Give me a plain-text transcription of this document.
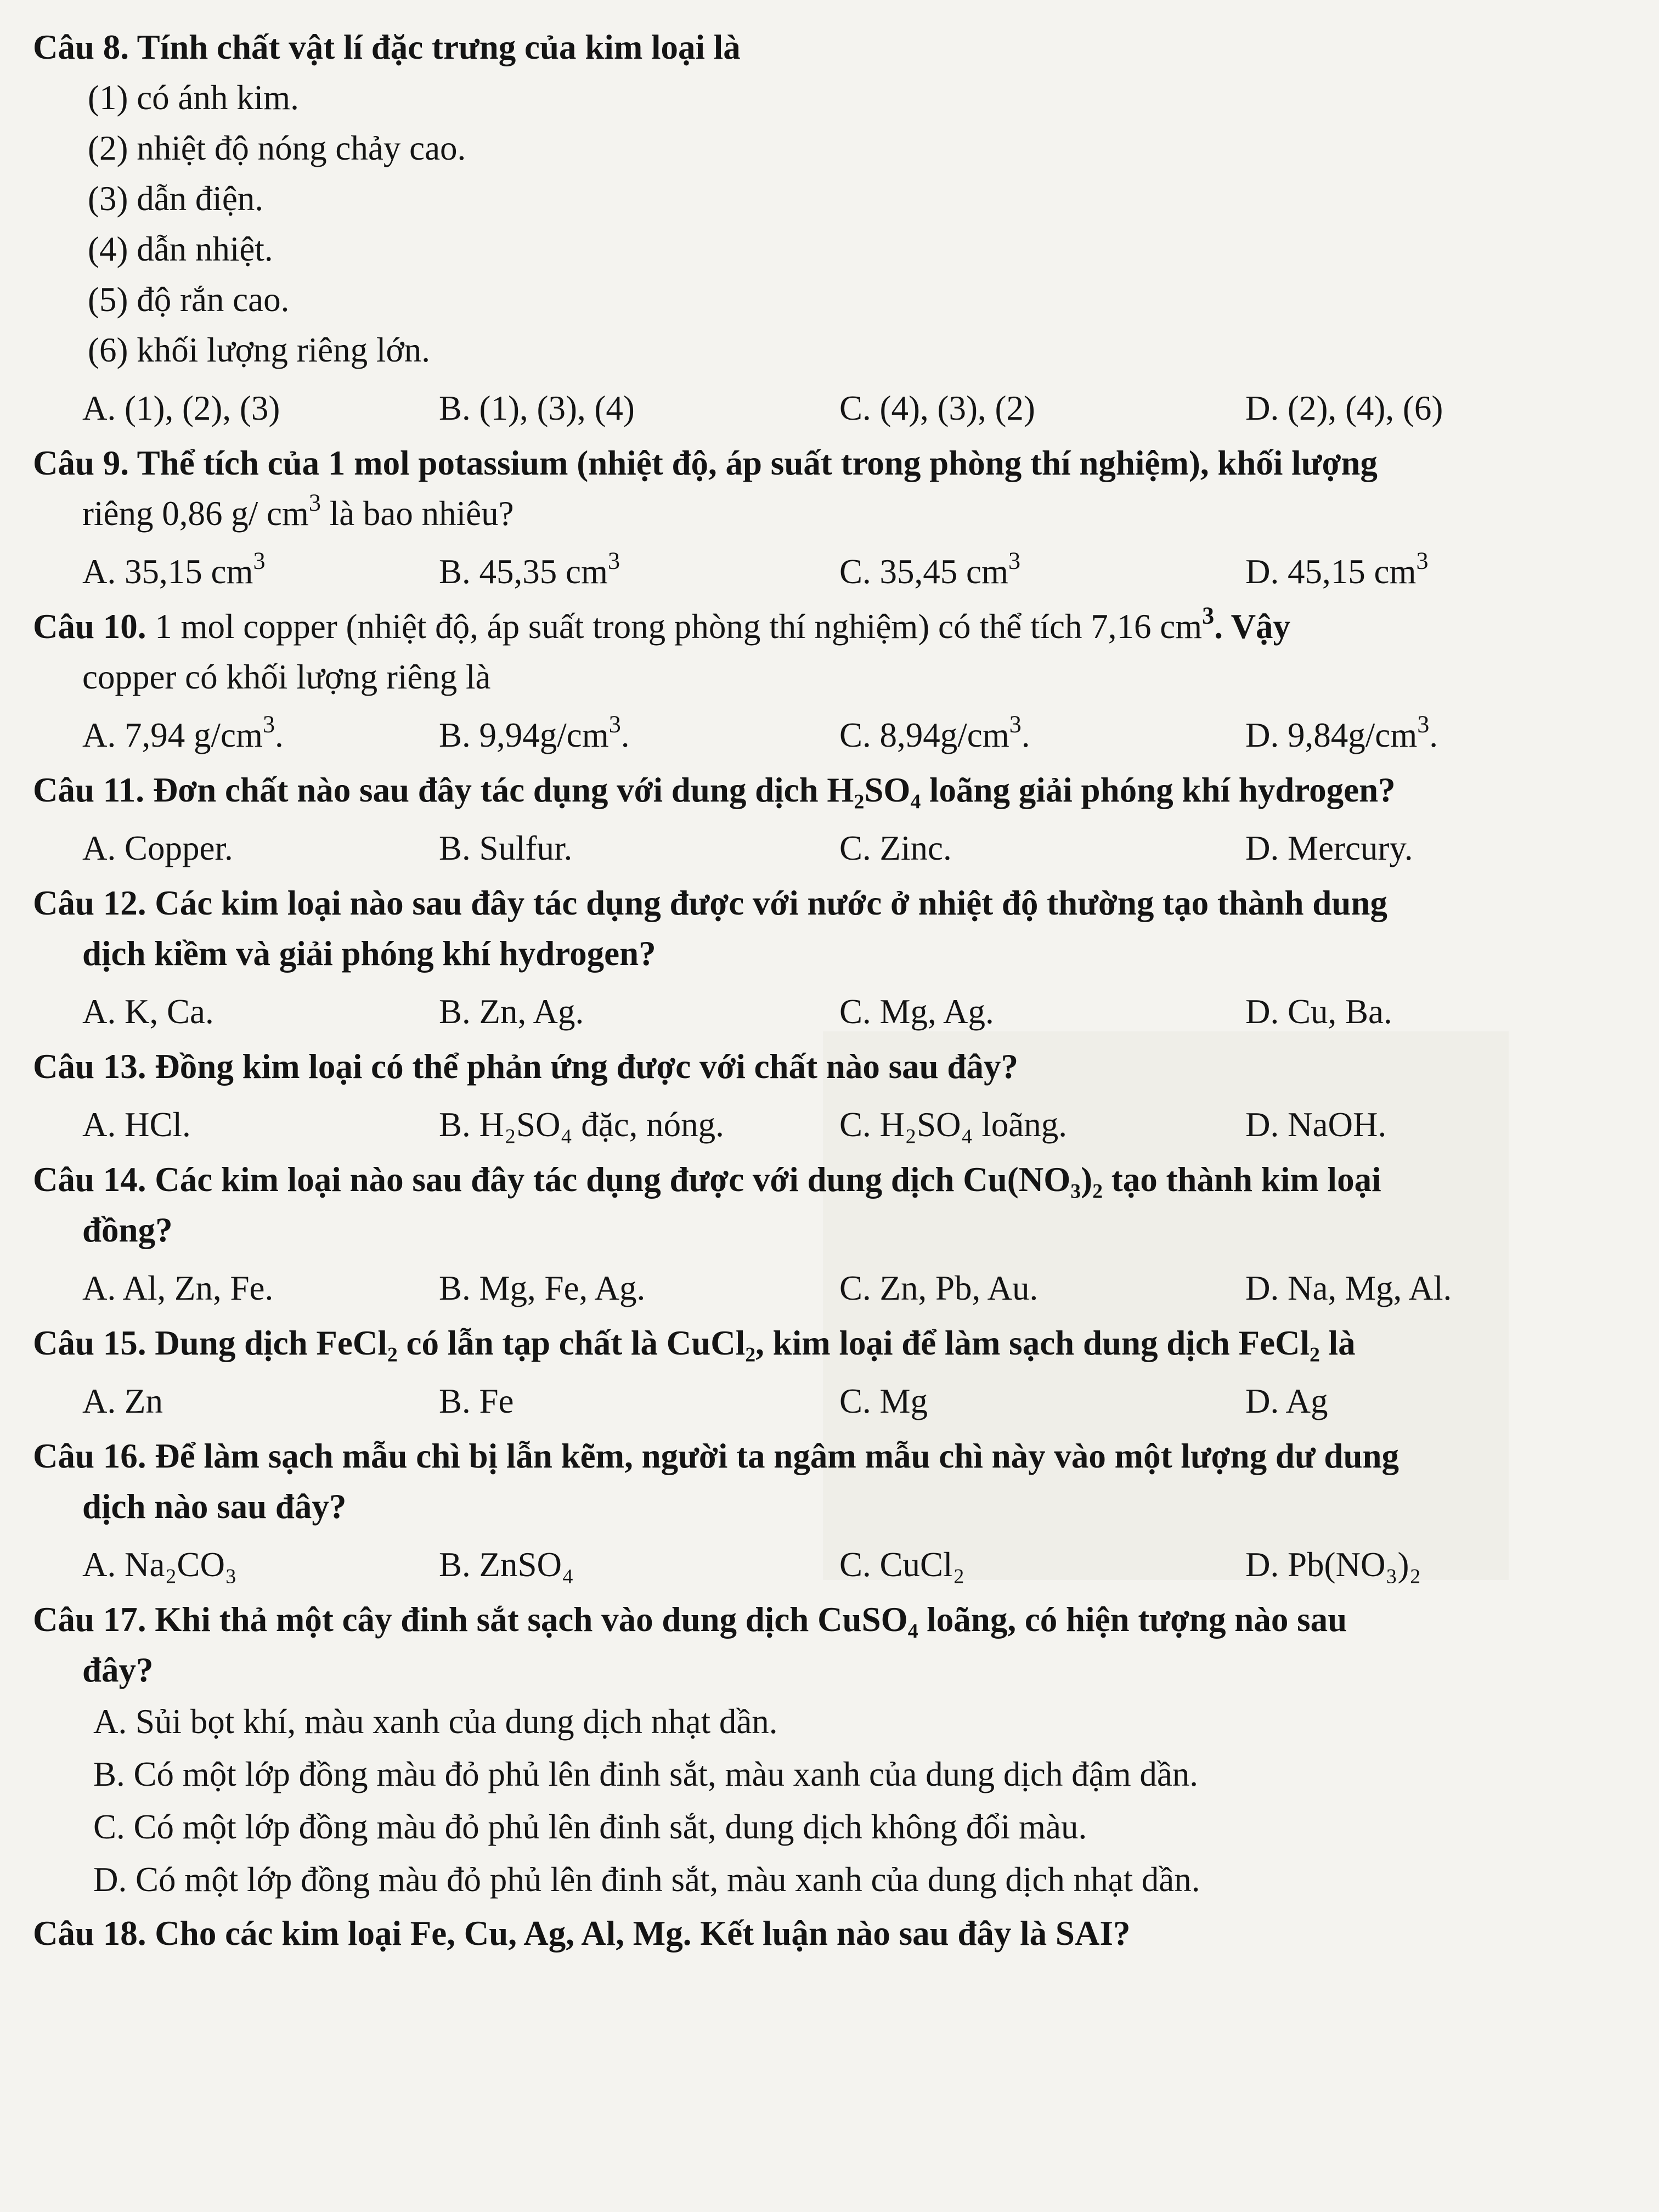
Câu 8. Tính chất vật lí đặc trưng của kim loại là

(1) có ánh kim.

(2) nhiệt độ nóng chảy cao.

(3) dẫn điện.

(4) dẫn nhiệt.

(5) độ rắn cao.

(6) khối lượng riêng lớn.

A. (1), (2), (3)	B. (1), (3), (4)	C. (4), (3), (2)	D. (2), (4), (6)

Câu 9. Thể tích của 1 mol potassium (nhiệt độ, áp suất trong phòng thí nghiệm), khối lượng

riêng 0,86 g/ $cm^3$ là bao nhiêu?

A. 35,15 $cm^3$	B. 45,35 $cm^3$	C. 35,45 $cm^3$	D. 45,15 $cm^3$

Câu 10. 1 mol copper (nhiệt độ, áp suất trong phòng thí nghiệm) có thể tích 7,16 $cm^3$. Vậy

copper có khối lượng riêng là

A. 7,94 $g/cm^3$.	B. $9,94g/cm^3$.	C. $8,94g/cm^3$.	D. $9,84g/cm^3$.

Câu 11. Đơn chất nào sau đây tác dụng với dung dịch H₂SO₄ loãng giải phóng khí hydrogen?

A. Copper.	B. Sulfur.	C. Zinc.	D. Mercury.

Câu 12. Các kim loại nào sau đây tác dụng được với nước ở nhiệt độ thường tạo thành dung

dịch kiềm và giải phóng khí hydrogen?

A. K, Ca.	B. Zn, Ag.	C. Mg, Ag.	D. Cu, Ba.

Câu 13. Đồng kim loại có thể phản ứng được với chất nào sau đây?

A. HCl.	B. H₂SO₄ đặc, nóng.	C. H₂SO₄ loãng.	D. NaOH.

Câu 14. Các kim loại nào sau đây tác dụng được với dung dịch Cu(NO₃)₂ tạo thành kim loại

đồng?

A. Al, Zn, Fe.	B. Mg, Fe, Ag.	C. Zn, Pb, Au.	D. Na, Mg, Al.

Câu 15. Dung dịch FeCl₂ có lẫn tạp chất là CuCl₂, kim loại để làm sạch dung dịch FeCl₂ là

A. Zn	B. Fe	C. Mg	D. Ag

Câu 16. Để làm sạch mẫu chì bị lẫn kẽm, người ta ngâm mẫu chì này vào một lượng dư dung

dịch nào sau đây?

A. Na₂CO₃	B. ZnSO₄	C. CuCl₂	D. Pb(NO₃)₂

Câu 17. Khi thả một cây đinh sắt sạch vào dung dịch CuSO₄ loãng, có hiện tượng nào sau

đây?

A. Sủi bọt khí, màu xanh của dung dịch nhạt dần.

B. Có một lớp đồng màu đỏ phủ lên đinh sắt, màu xanh của dung dịch đậm dần.

C. Có một lớp đồng màu đỏ phủ lên đinh sắt, dung dịch không đổi màu.

D. Có một lớp đồng màu đỏ phủ lên đinh sắt, màu xanh của dung dịch nhạt dần.

Câu 18. Cho các kim loại Fe, Cu, Ag, Al, Mg. Kết luận nào sau đây là SAI?
